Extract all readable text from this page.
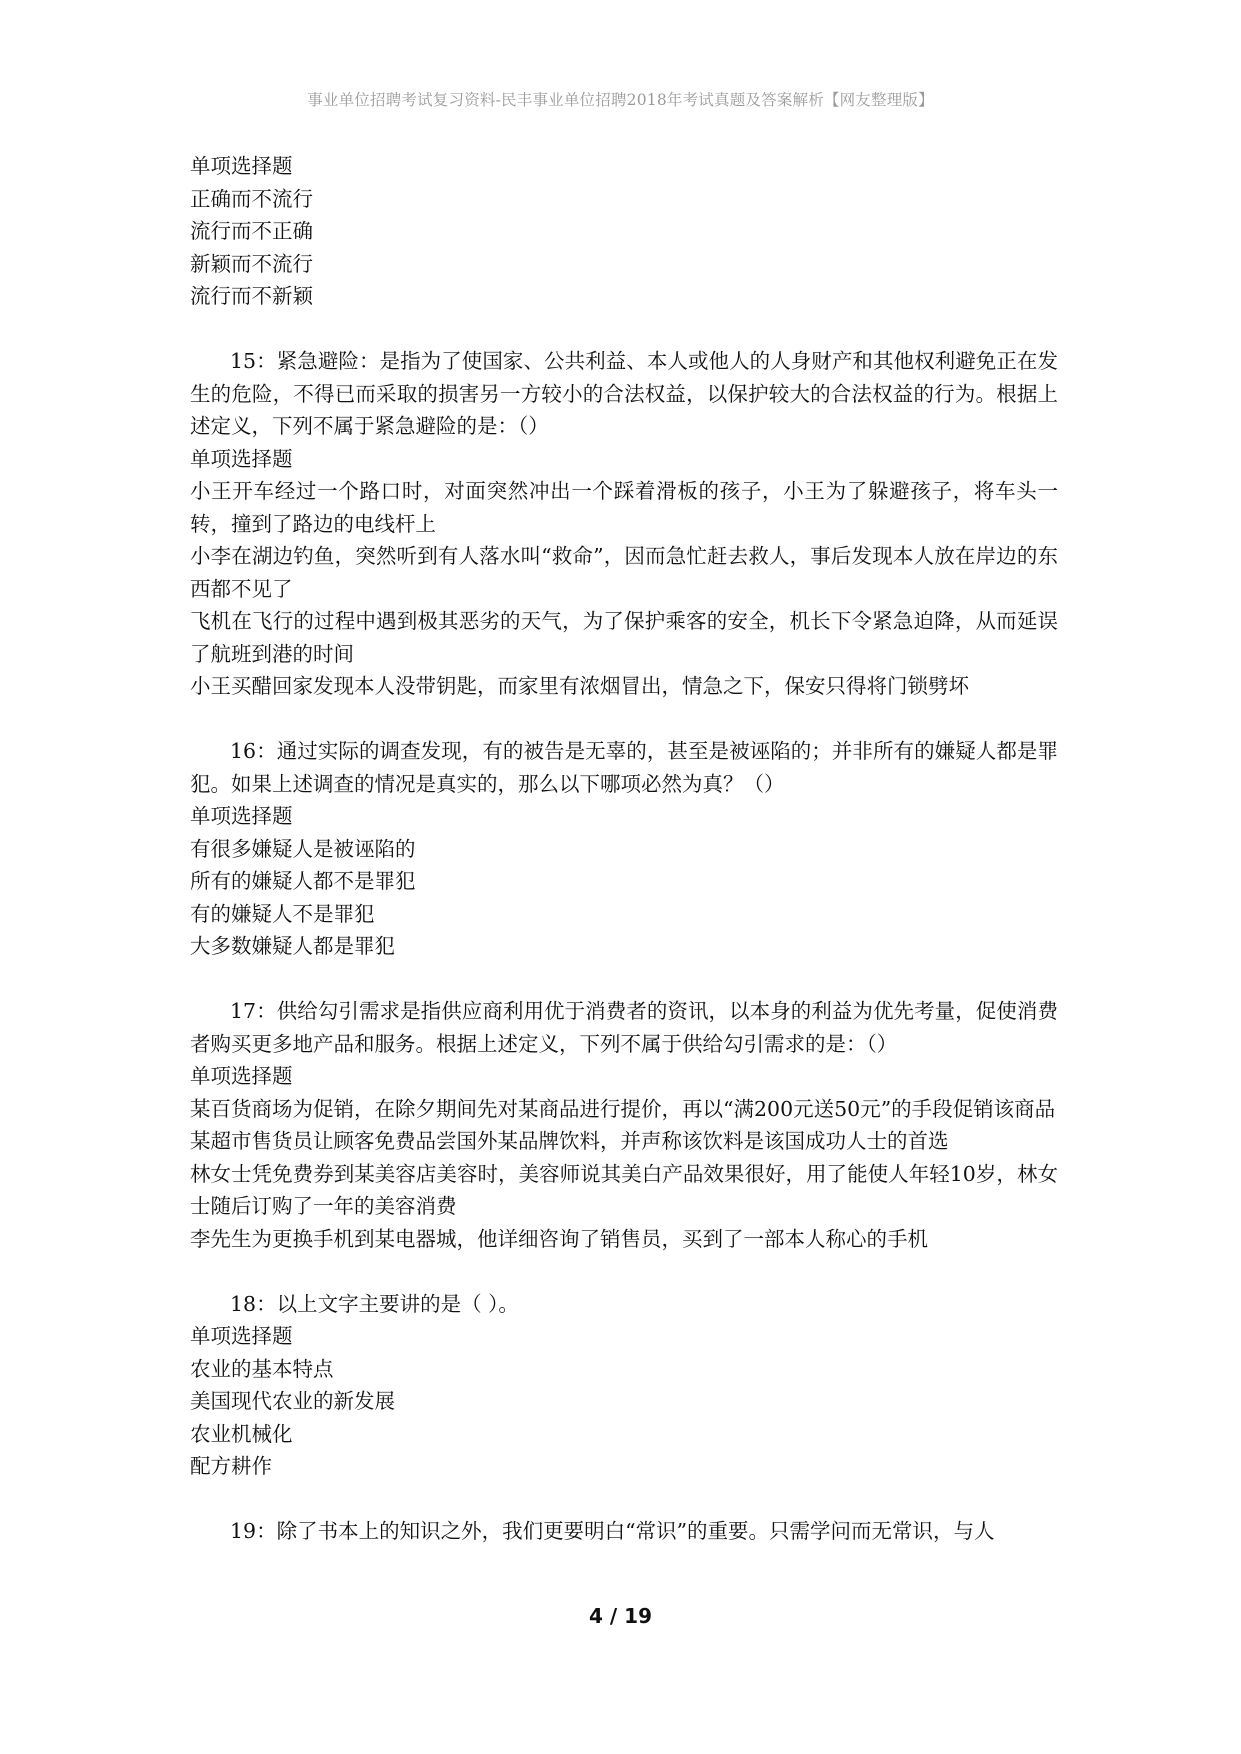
事业单位招聘考试复习资料-民丰事业单位招聘2018年考试真题及答案解析【网友整理版】
单项选择题
正确而不流行
流行而不正确
新颖而不流行
流行而不新颖
15：紧急避险：是指为了使国家、公共利益、本人或他人的人身财产和其他权利避免正在发生的危险，不得已而采取的损害另一方较小的合法权益，以保护较大的合法权益的行为。根据上述定义，下列不属于紧急避险的是：（）
单项选择题
小王开车经过一个路口时，对面突然冲出一个踩着滑板的孩子，小王为了躲避孩子，将车头一转，撞到了路边的电线杆上
小李在湖边钓鱼，突然听到有人落水叫“救命”，因而急忙赶去救人，事后发现本人放在岸边的东西都不见了
飞机在飞行的过程中遇到极其恶劣的天气，为了保护乘客的安全，机长下令紧急迫降，从而延误了航班到港的时间
小王买醋回家发现本人没带钥匙，而家里有浓烟冒出，情急之下，保安只得将门锁劈坏
16：通过实际的调查发现，有的被告是无辜的，甚至是被诬陷的；并非所有的嫌疑人都是罪犯。如果上述调查的情况是真实的，那么以下哪项必然为真？（）
单项选择题
有很多嫌疑人是被诬陷的
所有的嫌疑人都不是罪犯
有的嫌疑人不是罪犯
大多数嫌疑人都是罪犯
17：供给勾引需求是指供应商利用优于消费者的资讯，以本身的利益为优先考量，促使消费者购买更多地产品和服务。根据上述定义，下列不属于供给勾引需求的是：（）
单项选择题
某百货商场为促销，在除夕期间先对某商品进行提价，再以“满200元送50元”的手段促销该商品
某超市售货员让顾客免费品尝国外某品牌饮料，并声称该饮料是该国成功人士的首选
林女士凭免费券到某美容店美容时，美容师说其美白产品效果很好，用了能使人年轻10岁，林女士随后订购了一年的美容消费
李先生为更换手机到某电器城，他详细咨询了销售员，买到了一部本人称心的手机
18：以上文字主要讲的是（ ）。
单项选择题
农业的基本特点
美国现代农业的新发展
农业机械化
配方耕作
19：除了书本上的知识之外，我们更要明白“常识”的重要。只需学问而无常识，与人
4 / 19
